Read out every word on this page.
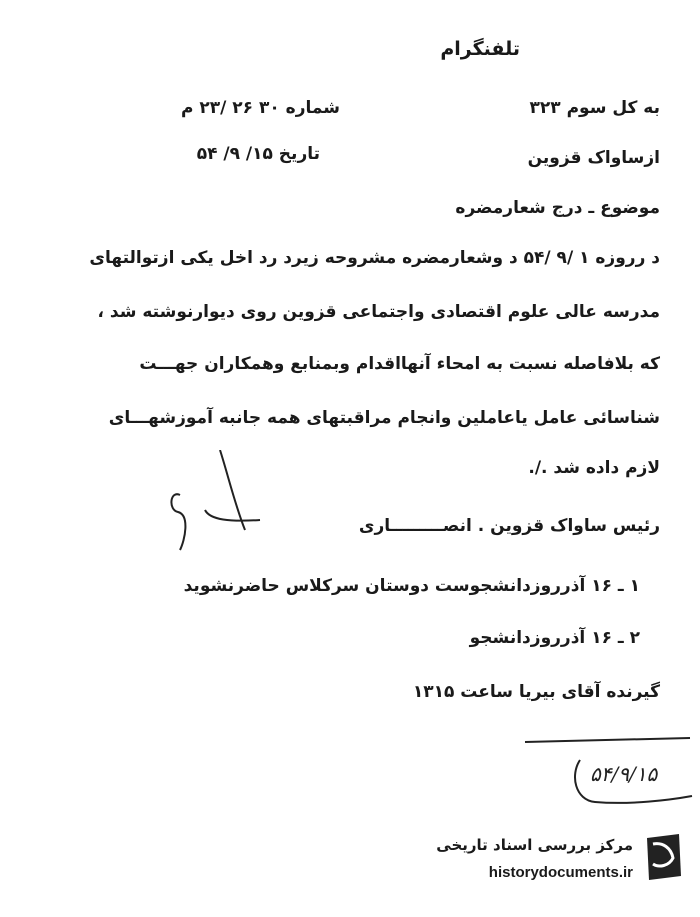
تلفنگرام
به کل سوم ۳۲۳
شماره ۳۰ ۲۶ /۲۳ م
ازساواک قزوین
تاریخ ۱۵/ ۹/ ۵۴
موضوع ـ درج شعارمضره
د رروزه ۱ /۹ /۵۴ د وشعارمضره مشروحه زیرد رد اخل یکی ازتوالتهای
مدرسه عالی علوم اقتصادی واجتماعی قزوین روی دیوارنوشته شد ،
که بلافاصله نسبت به امحاء آنهااقدام وبمنابع وهمکاران جهـــت
شناسائی عامل یاعاملین وانجام مراقبتهای همه جانبه آموزشهـــای
لازم داده شد ./.
رئیس ساواک قزوین . انصـــــــــاری
۱ ـ ۱۶ آذرروزدانشجوست دوستان سرکلاس حاضرنشوید
۲ ـ ۱۶ آذرروزدانشجو
گیرنده آقای بیریا ساعت ۱۳۱۵
۵۴/۹/۱۵
مرکز بررسی اسناد تاریخی
historydocuments.ir
